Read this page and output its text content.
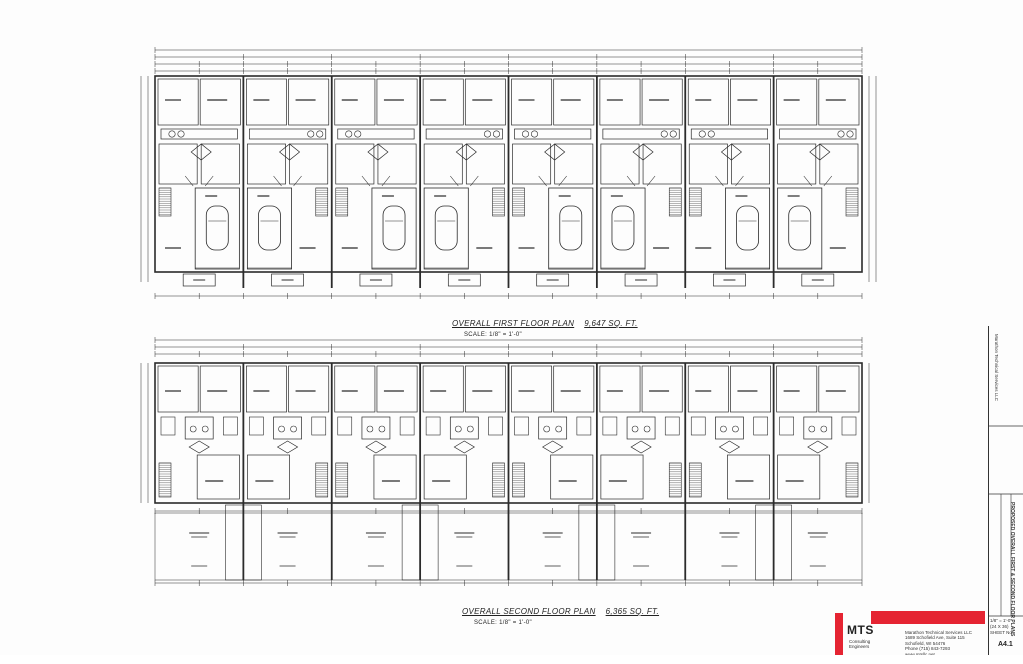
OVERALL FIRST FLOOR PLAN 9,647 SQ. FT.
SCALE: 1/8" = 1'-0"
OVERALL SECOND FLOOR PLAN 6,365 SQ. FT.
SCALE: 1/8" = 1'-0"
Marathon Technical Services LLC
PROPOSED OVERALL FIRST & SECOND FLOOR PLANS
1/8" = 1'-0"
(24 X 36)
SHEET No.
A4.1
MTS
Consulting
Engineers
Marathon Technical Services LLC
1689 Schofield Ave, Suite 115
Schofield, WI 54476
Phone (715) 843-7293
